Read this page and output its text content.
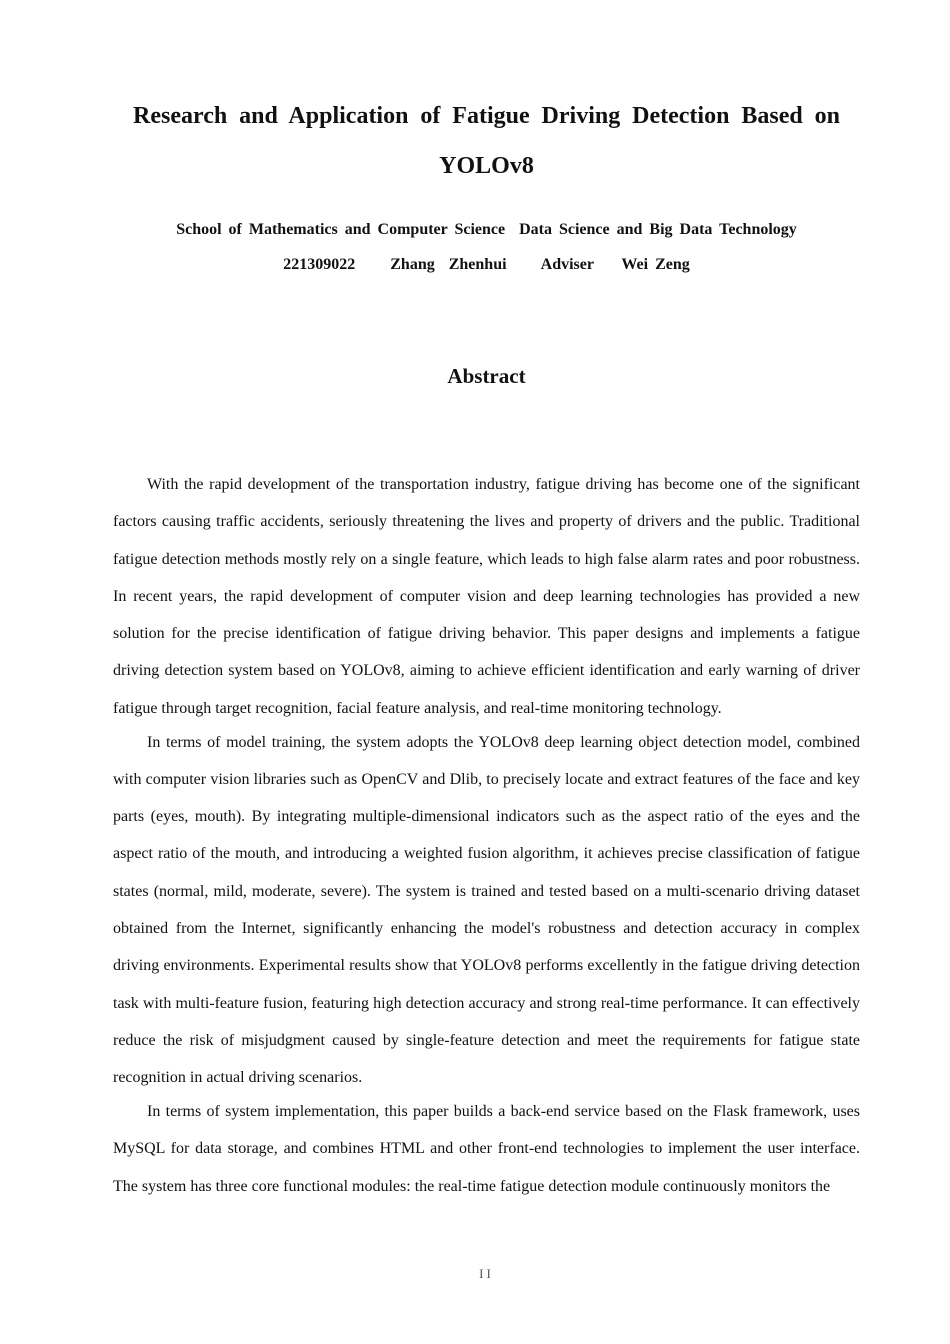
Research and Application of Fatigue Driving Detection Based on
YOLOv8
School of Mathematics and Computer Science  Data Science and Big Data Technology
221309022     Zhang  Zhenhui     Adviser    Wei Zeng
Abstract

With the rapid development of the transportation industry, fatigue driving has become one of the significant factors causing traffic accidents, seriously threatening the lives and property of drivers and the public. Traditional fatigue detection methods mostly rely on a single feature, which leads to high false alarm rates and poor robustness. In recent years, the rapid development of computer vision and deep learning technologies has provided a new solution for the precise identification of fatigue driving behavior. This paper designs and implements a fatigue driving detection system based on YOLOv8, aiming to achieve efficient identification and early warning of driver fatigue through target recognition, facial feature analysis, and real-time monitoring technology.

In terms of model training, the system adopts the YOLOv8 deep learning object detection model, combined with computer vision libraries such as OpenCV and Dlib, to precisely locate and extract features of the face and key parts (eyes, mouth). By integrating multiple-dimensional indicators such as the aspect ratio of the eyes and the aspect ratio of the mouth, and introducing a weighted fusion algorithm, it achieves precise classification of fatigue states (normal, mild, moderate, severe). The system is trained and tested based on a multi-scenario driving dataset obtained from the Internet, significantly enhancing the model's robustness and detection accuracy in complex driving environments. Experimental results show that YOLOv8 performs excellently in the fatigue driving detection task with multi-feature fusion, featuring high detection accuracy and strong real-time performance. It can effectively reduce the risk of misjudgment caused by single-feature detection and meet the requirements for fatigue state recognition in actual driving scenarios.

In terms of system implementation, this paper builds a back-end service based on the Flask framework, uses MySQL for data storage, and combines HTML and other front-end technologies to implement the user interface. The system has three core functional modules: the real-time fatigue detection module continuously monitors the

II
